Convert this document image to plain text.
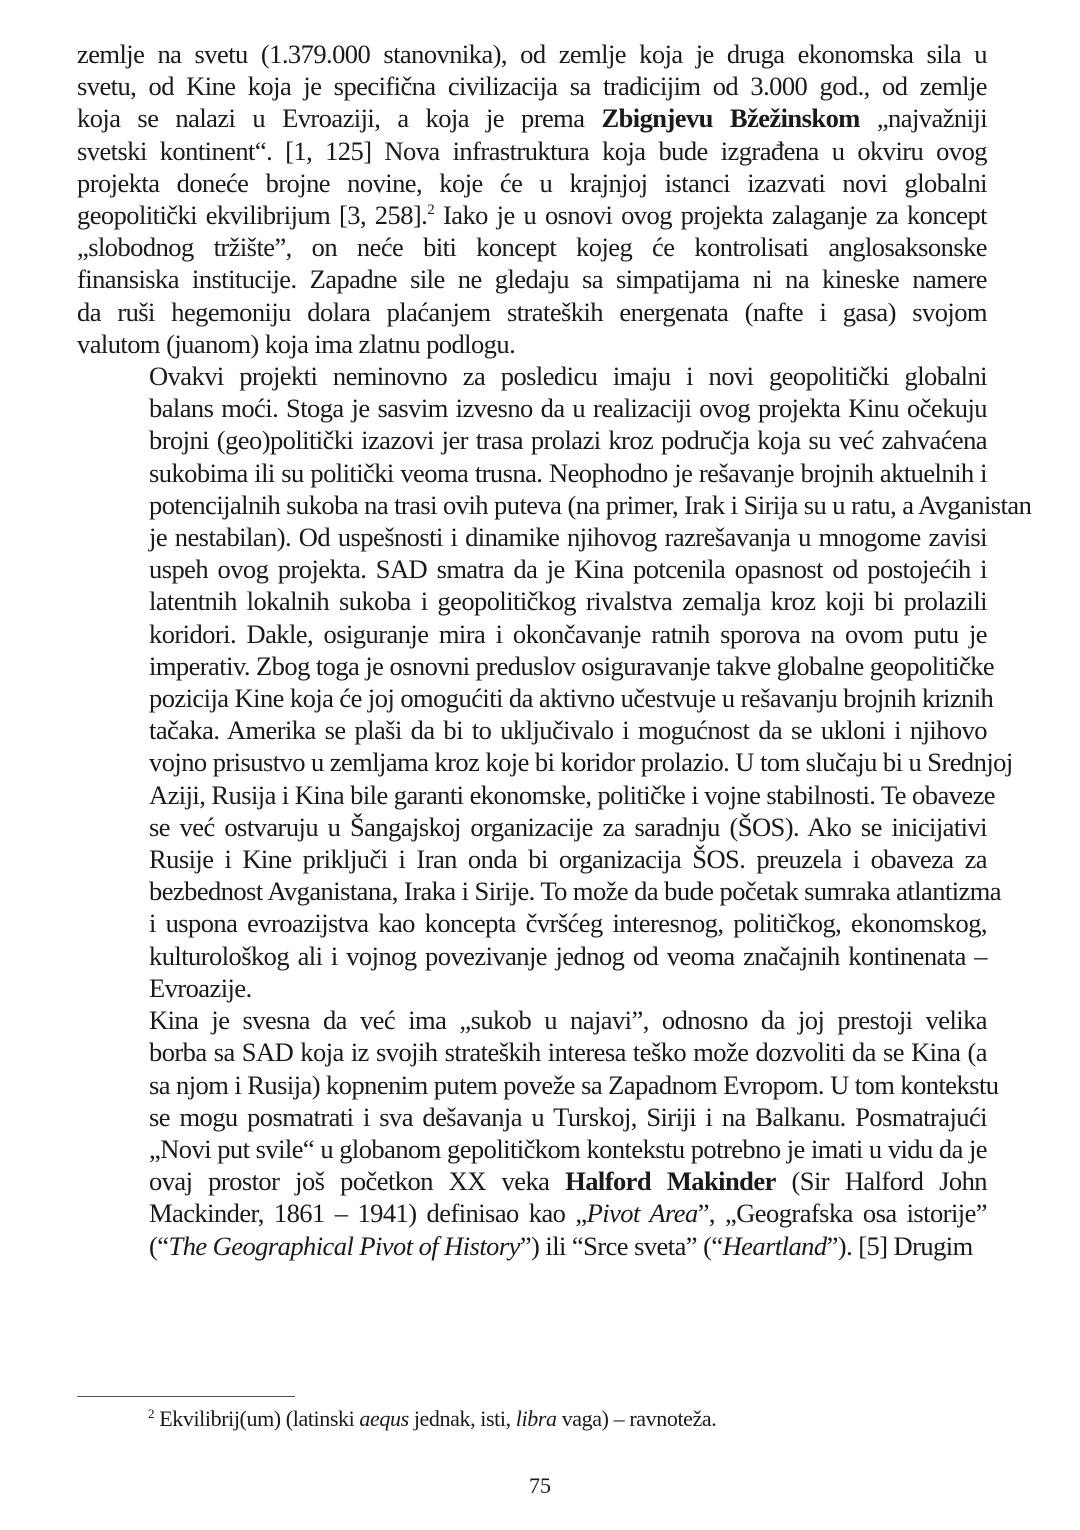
zemlje na svetu (1.379.000 stanovnika), od zemlje koja je druga ekonomska sila u
svetu, od Kine koja je specifična civilizacija sa tradicijim od 3.000 god., od zemlje
koja se nalazi u Evroaziji, a koja je prema Zbignjevu Bžežinskom „najvažniji
svetski kontinent“. [1, 125] Nova infrastruktura koja bude izgrađena u okviru ovog
projekta doneće brojne novine, koje će u krajnjoj istanci izazvati novi globalni
geopolitički ekvilibrijum [3, 258].$^2$ Iako je u osnovi ovog projekta zalaganje za koncept
„slobodnog tržište”, on neće biti koncept kojeg će kontrolisati anglosaksonske
finansiska institucije. Zapadne sile ne gledaju sa simpatijama ni na kineske namere
da ruši hegemoniju dolara plaćanjem strateških energenata (nafte i gasa) svojom
valutom (juanom) koja ima zlatnu podlogu.
Ovakvi projekti neminovno za posledicu imaju i novi geopolitički globalni
balans moći. Stoga je sasvim izvesno da u realizaciji ovog projekta Kinu očekuju
brojni (geo)politički izazovi jer trasa prolazi kroz područja koja su već zahvaćena
sukobima ili su politički veoma trusna. Neophodno je rešavanje brojnih aktuelnih i
potencijalnih sukoba na trasi ovih puteva (na primer, Irak i Sirija su u ratu, a Avganistan
je nestabilan). Od uspešnosti i dinamike njihovog razrešavanja u mnogome zavisi
uspeh ovog projekta. SAD smatra da je Kina potcenila opasnost od postojećih i
latentnih lokalnih sukoba i geopolitičkog rivalstva zemalja kroz koji bi prolazili
koridori. Dakle, osiguranje mira i okončavanje ratnih sporova na ovom putu je
imperativ. Zbog toga je osnovni preduslov osiguravanje takve globalne geopolitičke
pozicija Kine koja će joj omogućiti da aktivno učestvuje u rešavanju brojnih kriznih
tačaka. Amerika se plaši da bi to uključivalo i mogućnost da se ukloni i njihovo
vojno prisustvo u zemljama kroz koje bi koridor prolazio. U tom slučaju bi u Srednjoj
Aziji, Rusija i Kina bile garanti ekonomske, političke i vojne stabilnosti. Te obaveze
se već ostvaruju u Šangajskoj organizacije za saradnju (ŠOS). Ako se inicijativi
Rusije i Kine priključi i Iran onda bi organizacija ŠOS. preuzela i obaveza za
bezbednost Avganistana, Iraka i Sirije. To može da bude početak sumraka atlantizma
i uspona evroazijstva kao koncepta čvršćeg interesnog, političkog, ekonomskog,
kulturološkog ali i vojnog povezivanje jednog od veoma značajnih kontinenata –
Evroazije.
Kina je svesna da već ima „sukob u najavi”, odnosno da joj prestoji velika
borba sa SAD koja iz svojih strateških interesa teško može dozvoliti da se Kina (a
sa njom i Rusija) kopnenim putem poveže sa Zapadnom Evropom. U tom kontekstu
se mogu posmatrati i sva dešavanja u Turskoj, Siriji i na Balkanu. Posmatrajući
„Novi put svile“ u globanom gepolitičkom kontekstu potrebno je imati u vidu da je
ovaj prostor još početkon XX veka Halford Makinder (Sir Halford John
Mackinder, 1861 – 1941) definisao kao „Pivot Area”, „Geografska osa istorije”
(“The Geographical Pivot of History”) ili “Srce sveta” (“Heartland”). [5] Drugim
$^2$ Ekvilibrij(um) (latinski aequs jednak, isti, libra vaga) – ravnoteža.
75
